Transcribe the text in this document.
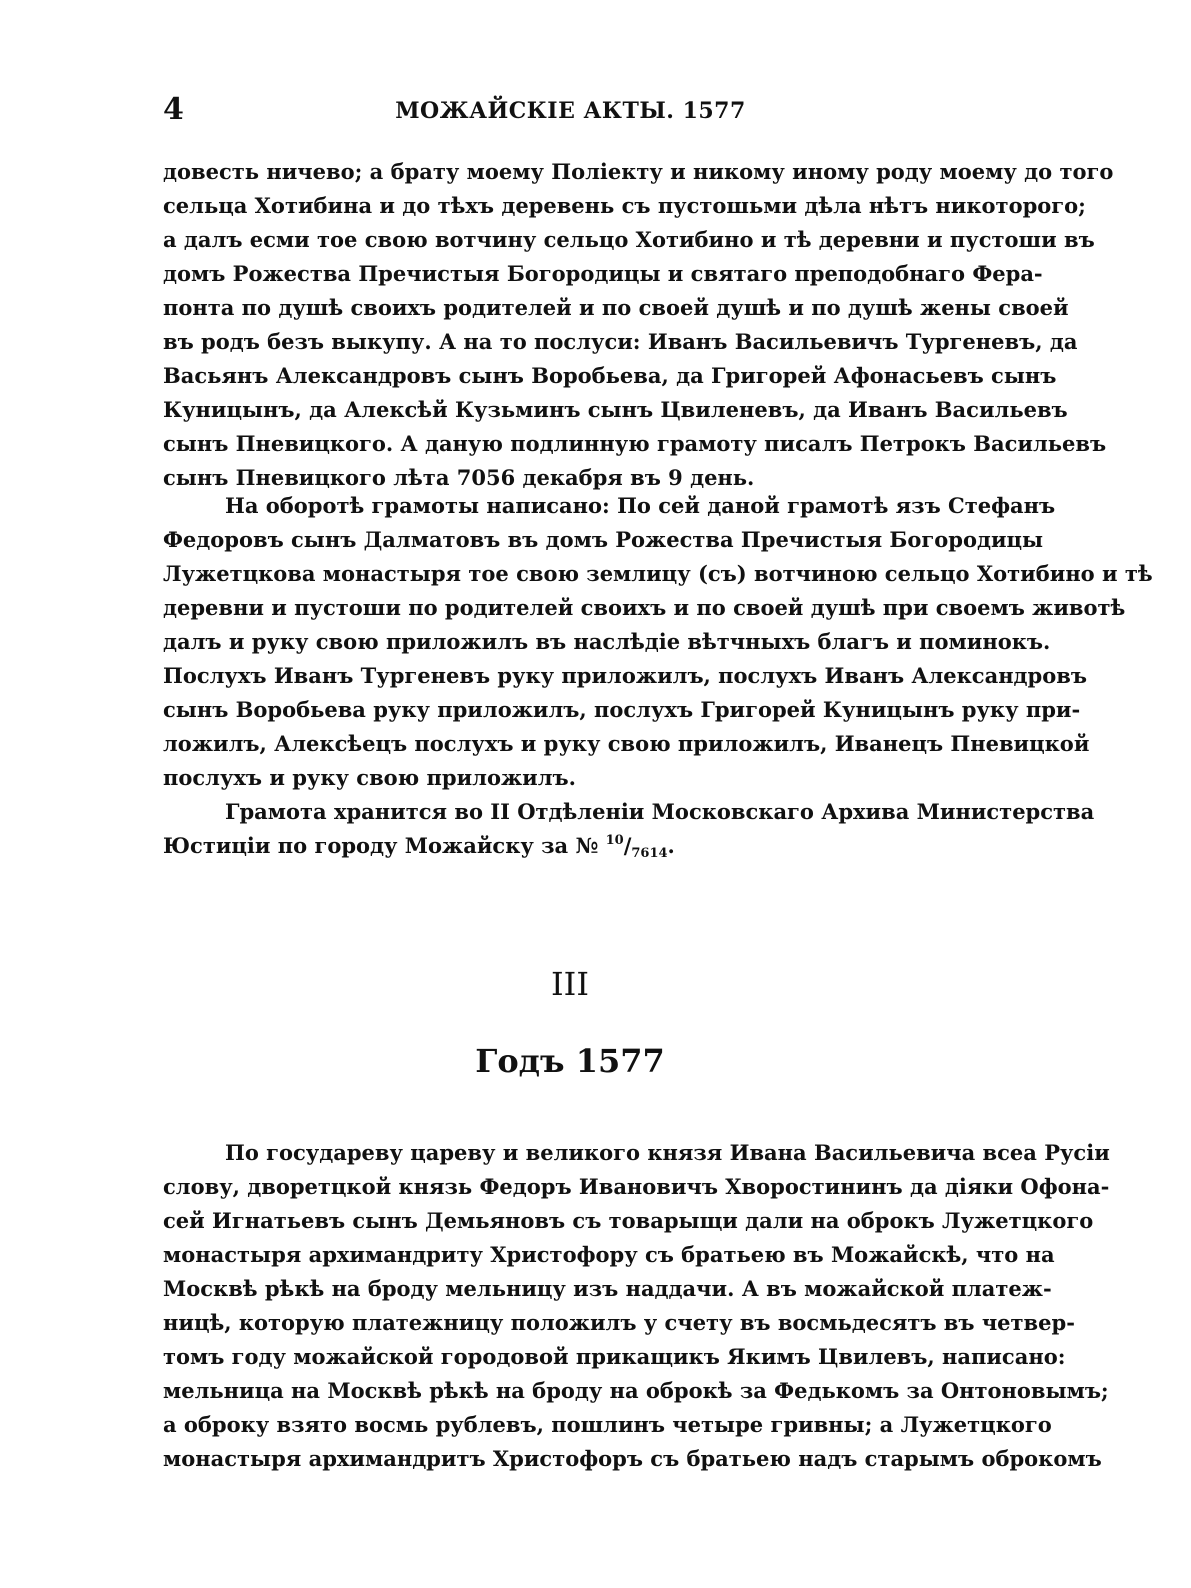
4	МОЖАЙСКІЕ АКТЫ. 1577
довесть ничево; а брату моему Поліекту и никому иному роду моему до того
сельца Хотибина и до тѣхъ деревень съ пустошьми дѣла нѣтъ никоторого;
а далъ есми тое свою вотчину сельцо Хотибино и тѣ деревни и пустоши въ
домъ Рожества Пречистыя Богородицы и святаго преподобнаго Фера-
понта по душѣ своихъ родителей и по своей душѣ и по душѣ жены своей
въ родъ безъ выкупу. А на то послуси: Иванъ Васильевичъ Тургеневъ, да
Васьянъ Александровъ сынъ Воробьева, да Григорей Афонасьевъ сынъ
Куницынъ, да Алексѣй Кузьминъ сынъ Цвиленевъ, да Иванъ Васильевъ
сынъ Пневицкого. А даную подлинную грамоту писалъ Петрокъ Васильевъ
сынъ Пневицкого лѣта 7056 декабря въ 9 день.
На оборотѣ грамоты написано: По сей даной грамотѣ язъ Стефанъ
Федоровъ сынъ Далматовъ въ домъ Рожества Пречистыя Богородицы
Лужетцкова монастыря тое свою землицу (съ) вотчиною сельцо Хотибино и тѣ
деревни и пустоши по родителей своихъ и по своей душѣ при своемъ животѣ
далъ и руку свою приложилъ въ наслѣдіе вѣтчныхъ благъ и поминокъ.
Послухъ Иванъ Тургеневъ руку приложилъ, послухъ Иванъ Александровъ
сынъ Воробьева руку приложилъ, послухъ Григорей Куницынъ руку при-
ложилъ, Алексѣецъ послухъ и руку свою приложилъ, Иванецъ Пневицкой
послухъ и руку свою приложилъ.
Грамота хранится во II Отдѣленіи Московскаго Архива Министерства
Юстиціи по городу Можайску за № $^{10}/_{7614}$.
III
Годъ 1577
По государеву цареву и великого князя Ивана Васильевича всеа Русіи
слову, дворетцкой князь Федоръ Ивановичъ Хворостининъ да діяки Офона-
сей Игнатьевъ сынъ Демьяновъ съ товарыщи дали на оброкъ Лужетцкого
монастыря архимандриту Христофору съ братьею въ Можайскѣ, что на
Москвѣ рѣкѣ на броду мельницу изъ наддачи. А въ можайской платеж-
ницѣ, которую платежницу положилъ у счету въ восмьдесятъ въ четвер-
томъ году можайской городовой прикащикъ Якимъ Цвилевъ, написано:
мельница на Москвѣ рѣкѣ на броду на оброкѣ за Федькомъ за Онтоновымъ;
а оброку взято восмь рублевъ, пошлинъ четыре гривны; а Лужетцкого
монастыря архимандритъ Христофоръ съ братьею надъ старымъ оброкомъ
